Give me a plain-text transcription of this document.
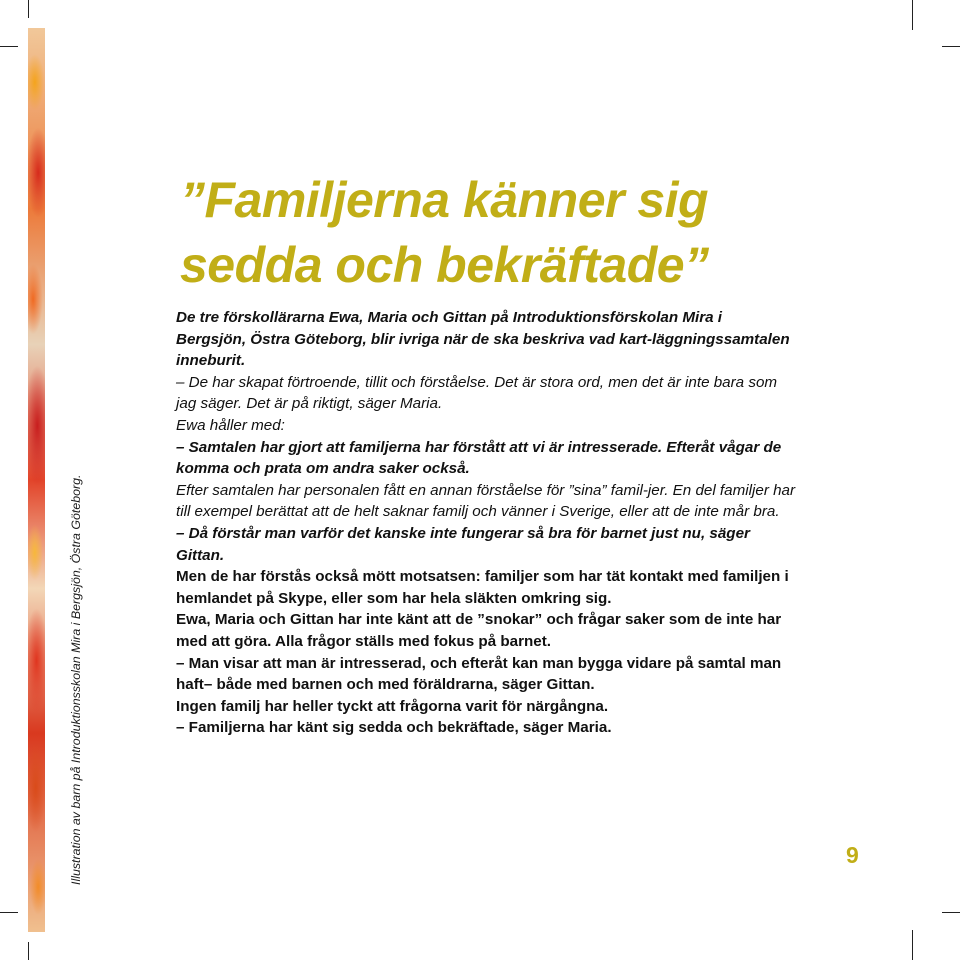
Illustration av barn på Introduktionsskolan Mira i Bergsjön, Östra Göteborg.
”Familjerna känner sig
sedda och bekräftade”

De tre förskollärarna Ewa, Maria och Gittan på Introduktionsförskolan Mira i Bergsjön, Östra Göteborg, blir ivriga när de ska beskriva vad kart-läggningssamtalen inneburit.

– De har skapat förtroende, tillit och förståelse. Det är stora ord, men det är inte bara som jag säger. Det är på riktigt, säger Maria.

Ewa håller med:

– Samtalen har gjort att familjerna har förstått att vi är intresserade. Efteråt vågar de komma och prata om andra saker också.

Efter samtalen har personalen fått en annan förståelse för ”sina” famil-jer. En del familjer har till exempel berättat att de helt saknar familj och vänner i Sverige, eller att de inte mår bra.

– Då förstår man varför det kanske inte fungerar så bra för barnet just nu, säger Gittan.

Men de har förstås också mött motsatsen: familjer som har tät kontakt med familjen i hemlandet på Skype, eller som har hela släkten omkring sig.

Ewa, Maria och Gittan har inte känt att de ”snokar” och frågar saker som de inte har med att göra. Alla frågor ställs med fokus på barnet.

– Man visar att man är intresserad, och efteråt kan man bygga vidare på samtal man haft– både med barnen och med föräldrarna, säger Gittan.

Ingen familj har heller tyckt att frågorna varit för närgångna.

– Familjerna har känt sig sedda och bekräftade, säger Maria.

9
